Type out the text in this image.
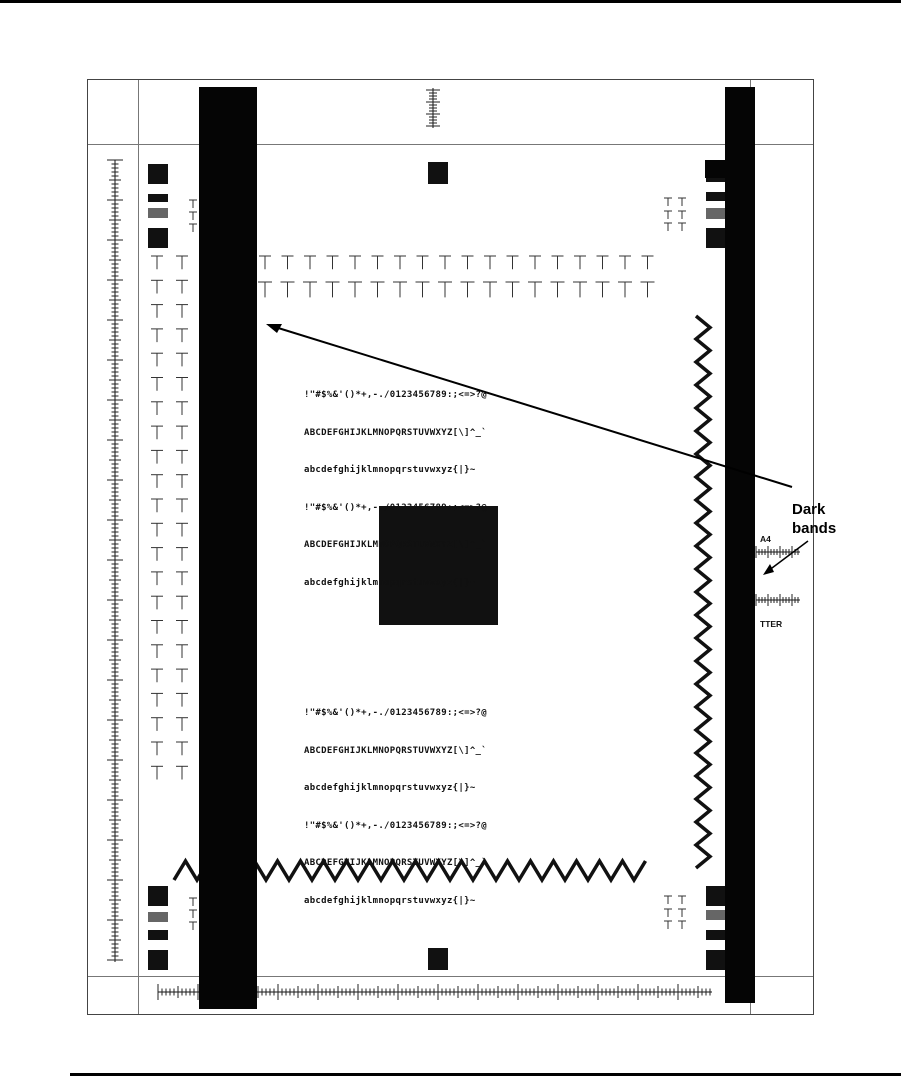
!"#$%&'()*+,-./0123456789:;<=>?@

ABCDEFGHIJKLMNOPQRSTUVWXYZ[\]^_`

abcdefghijklmnopqrstuvwxyz{|}~

!"#$%&'()*+,-./0123456789:;<=>?@

ABCDEFGHIJKLMNOPQRSTUVWXYZ[\]^_`

abcdefghijklmnopqrstuvwxyz{|}~

!"#$%&'()*+,-./0123456789:;<=>?@

ABCDEFGHIJKLMNOPQRSTUVWXYZ[\]^_`

abcdefghijklmnopqrstuvwxyz{|}~

!"#$%&'()*+,-./0123456789:;<=>?@

ABCDEFGHIJKLMNOPQRSTUVWXYZ[\]^_`

abcdefghijklmnopqrstuvwxyz{|}~

A4
TTER
Dark
bands
